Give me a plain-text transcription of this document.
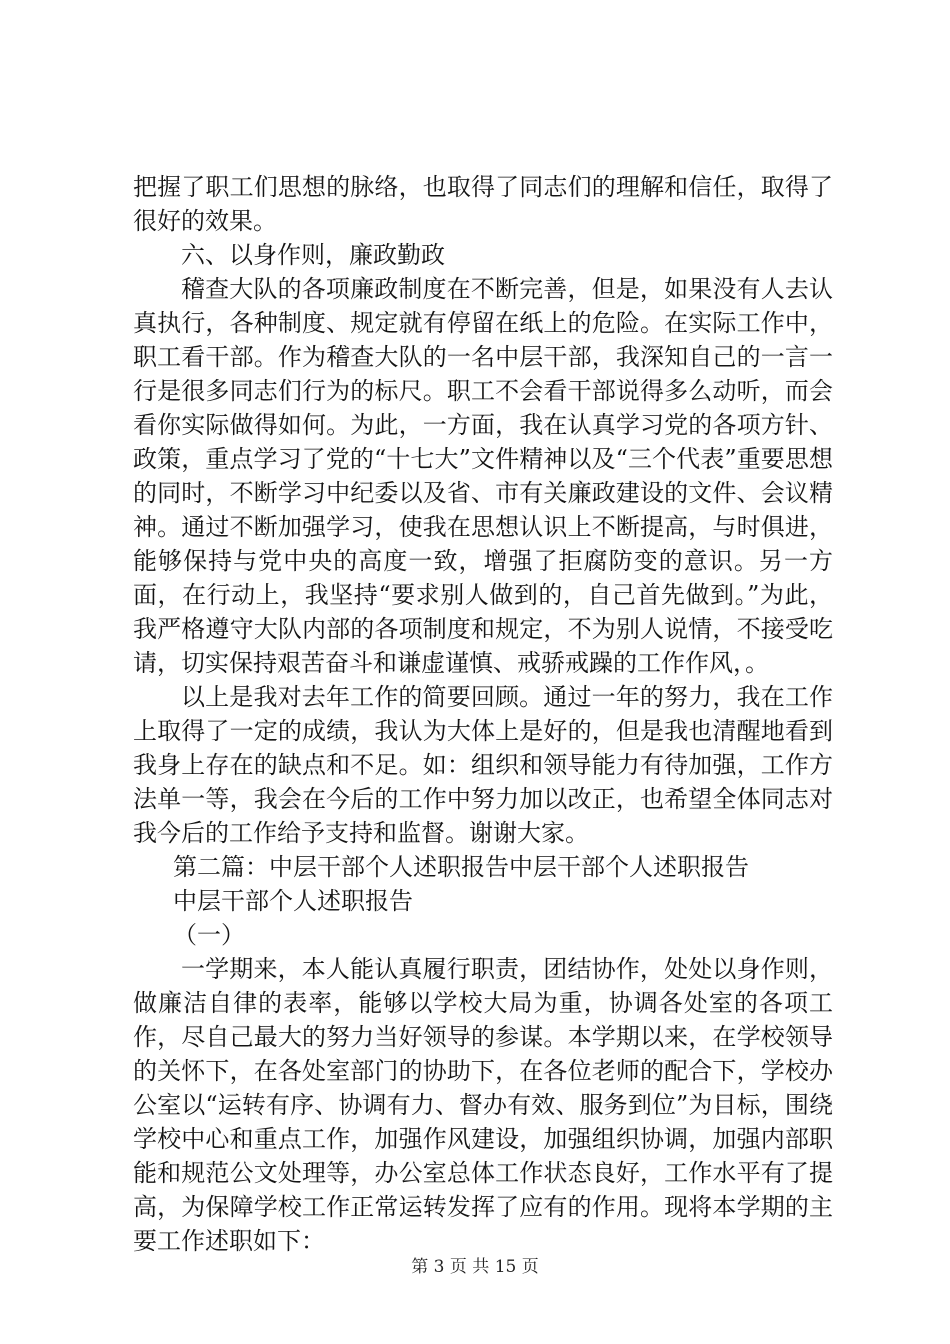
把握了职工们思想的脉络，也取得了同志们的理解和信任，取得了很好的效果。

六、以身作则，廉政勤政

稽查大队的各项廉政制度在不断完善，但是，如果没有人去认真执行，各种制度、规定就有停留在纸上的危险。在实际工作中，职工看干部。作为稽查大队的一名中层干部，我深知自己的一言一行是很多同志们行为的标尺。职工不会看干部说得多么动听，而会看你实际做得如何。为此，一方面，我在认真学习党的各项方针、政策，重点学习了党的“十七大”文件精神以及“三个代表”重要思想的同时，不断学习中纪委以及省、市有关廉政建设的文件、会议精神。通过不断加强学习，使我在思想认识上不断提高，与时俱进，能够保持与党中央的高度一致，增强了拒腐防变的意识。另一方面，在行动上，我坚持“要求别人做到的，自己首先做到。”为此，我严格遵守大队内部的各项制度和规定，不为别人说情，不接受吃请，切实保持艰苦奋斗和谦虚谨慎、戒骄戒躁的工作作风，。

以上是我对去年工作的简要回顾。通过一年的努力，我在工作上取得了一定的成绩，我认为大体上是好的，但是我也清醒地看到我身上存在的缺点和不足。如：组织和领导能力有待加强，工作方法单一等，我会在今后的工作中努力加以改正，也希望全体同志对我今后的工作给予支持和监督。谢谢大家。

第二篇：中层干部个人述职报告中层干部个人述职报告

中层干部个人述职报告

（一）

一学期来，本人能认真履行职责，团结协作，处处以身作则，做廉洁自律的表率，能够以学校大局为重，协调各处室的各项工作，尽自己最大的努力当好领导的参谋。本学期以来，在学校领导的关怀下，在各处室部门的协助下，在各位老师的配合下，学校办公室以“运转有序、协调有力、督办有效、服务到位”为目标，围绕学校中心和重点工作，加强作风建设，加强组织协调，加强内部职能和规范公文处理等，办公室总体工作状态良好，工作水平有了提高，为保障学校工作正常运转发挥了应有的作用。现将本学期的主要工作述职如下：

第 3 页 共 15 页
